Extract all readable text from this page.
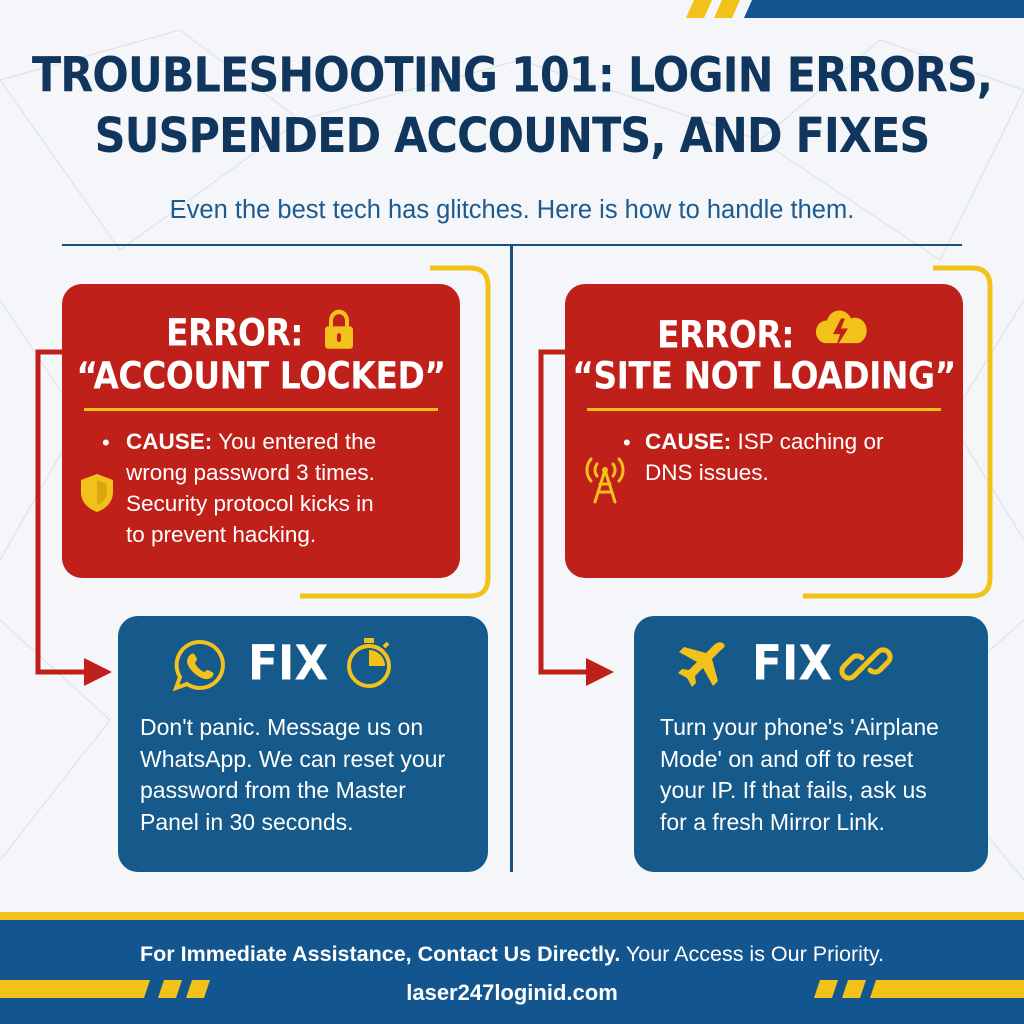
TROUBLESHOOTING 101: LOGIN ERRORS,
SUSPENDED ACCOUNTS, AND FIXES
Even the best tech has glitches. Here is how to handle them.
ERROR:
“ACCOUNT LOCKED”
• CAUSE: You entered the
wrong password 3 times.
Security protocol kicks in
to prevent hacking.
ERROR:
“SITE NOT LOADING”
• CAUSE: ISP caching or
DNS issues.
FIX
Don't panic. Message us on
WhatsApp. We can reset your
password from the Master
Panel in 30 seconds.
FIX
Turn your phone's 'Airplane
Mode' on and off to reset
your IP. If that fails, ask us
for a fresh Mirror Link.
For Immediate Assistance, Contact Us Directly. Your Access is Our Priority.
laser247loginid.com
